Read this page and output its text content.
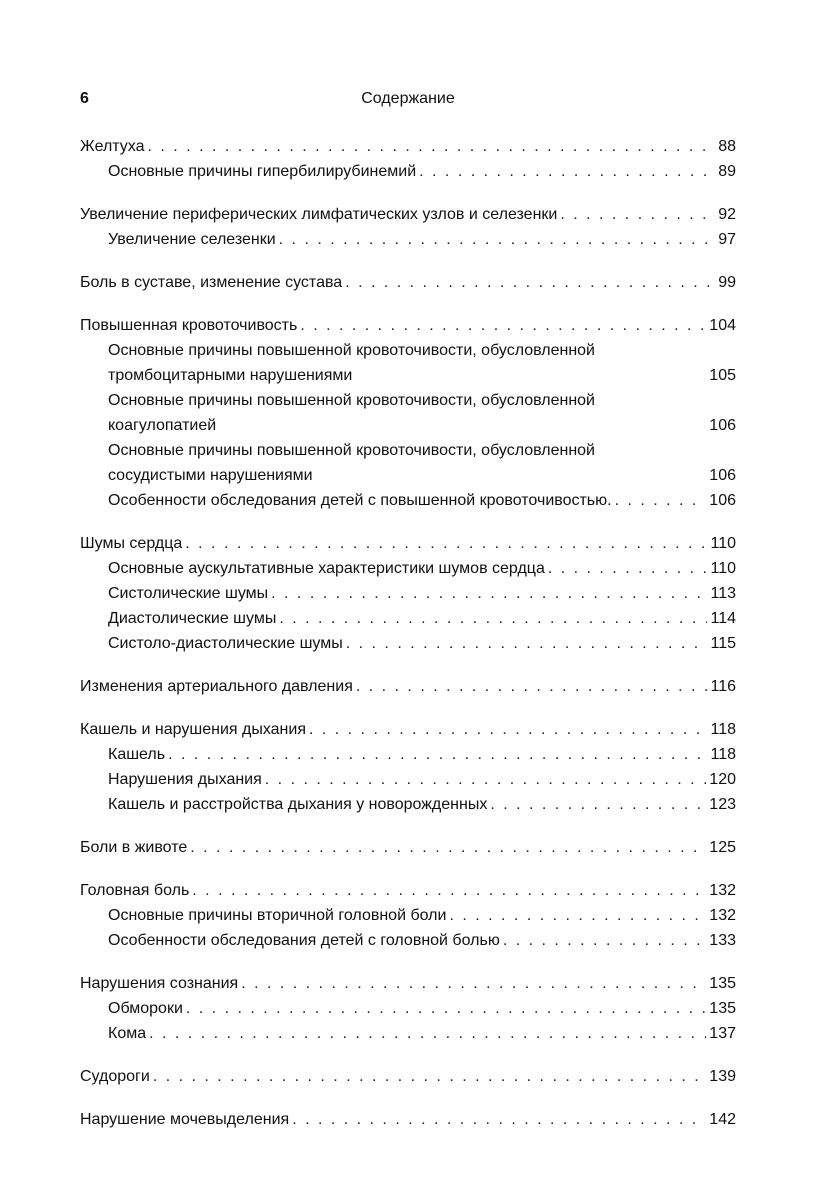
6	Содержание
Желтуха . . .	88
Основные причины гипербилирубинемий . . .	89
Увеличение периферических лимфатических узлов и селезенки . . .	92
Увеличение селезенки . . .	97
Боль в суставе, изменение сустава . . .	99
Повышенная кровоточивость . . .	104
Основные причины повышенной кровоточивости, обусловленной
тромбоцитарными нарушениями	105
Основные причины повышенной кровоточивости, обусловленной
коагулопатией	106
Основные причины повышенной кровоточивости, обусловленной
сосудистыми нарушениями	106
Особенности обследования детей с повышенной кровоточивостью. . . .	106
Шумы сердца . . .	110
Основные аускультативные характеристики шумов сердца . . .	110
Систолические шумы . . .	113
Диастолические шумы . . .	114
Систоло-диастолические шумы . . .	115
Изменения артериального давления . . .	116
Кашель и нарушения дыхания . . .	118
Кашель . . .	118
Нарушения дыхания . . .	120
Кашель и расстройства дыхания у новорожденных . . .	123
Боли в животе . . .	125
Головная боль . . .	132
Основные причины вторичной головной боли . . .	132
Особенности обследования детей с головной болью . . .	133
Нарушения сознания . . .	135
Обмороки . . .	135
Кома . . .	137
Судороги . . .	139
Нарушение мочевыделения . . .	142
